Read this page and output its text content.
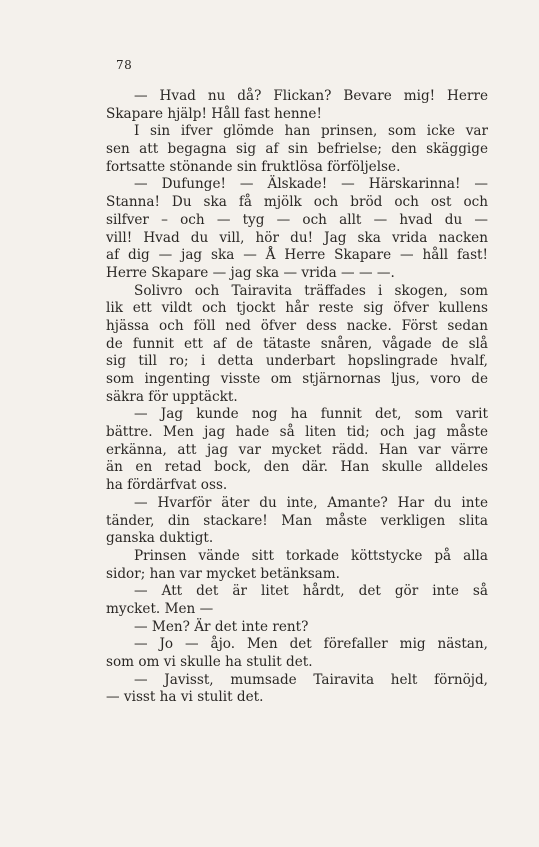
78
— Hvad nu då? Flickan? Bevare mig! Herre
Skapare hjälp! Håll fast henne!
I sin ifver glömde han prinsen, som icke var
sen att begagna sig af sin befrielse; den skäggige
fortsatte stönande sin fruktlösa förföljelse.
— Dufunge! — Älskade! — Härskarinna! —
Stanna! Du ska få mjölk och bröd och ost och
silfver – och — tyg — och allt — hvad du —
vill! Hvad du vill, hör du! Jag ska vrida nacken
af dig — jag ska — Å Herre Skapare — håll fast!
Herre Skapare — jag ska — vrida — — —.
Solivro och Tairavita träffades i skogen, som
lik ett vildt och tjockt hår reste sig öfver kullens
hjässa och föll ned öfver dess nacke. Först sedan
de funnit ett af de tätaste snåren, vågade de slå
sig till ro; i detta underbart hopslingrade hvalf,
som ingenting visste om stjärnornas ljus, voro de
säkra för upptäckt.
— Jag kunde nog ha funnit det, som varit
bättre. Men jag hade så liten tid; och jag måste
erkänna, att jag var mycket rädd. Han var värre
än en retad bock, den där. Han skulle alldeles
ha fördärfvat oss.
— Hvarför äter du inte, Amante? Har du inte
tänder, din stackare! Man måste verkligen slita
ganska duktigt.
Prinsen vände sitt torkade köttstycke på alla
sidor; han var mycket betänksam.
— Att det är litet hårdt, det gör inte så
mycket. Men —
— Men? Är det inte rent?
— Jo — åjo. Men det förefaller mig nästan,
som om vi skulle ha stulit det.
— Javisst, mumsade Tairavita helt förnöjd,
— visst ha vi stulit det.
